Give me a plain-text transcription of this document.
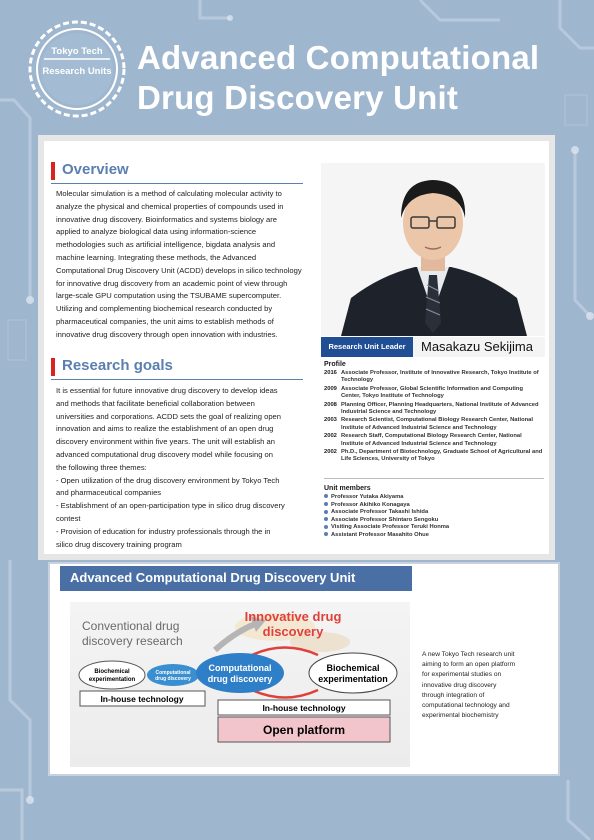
Tokyo Tech
Research Units Advanced Computational
Drug Discovery Unit
Overview
Molecular simulation is a method of calculating molecular activity to
analyze the physical and chemical properties of compounds used in
innovative drug discovery. Bioinformatics and systems biology are
applied to analyze biological data using information-science
methodologies such as artificial intelligence, bigdata analysis and
machine learning. Integrating these methods, the Advanced
Computational Drug Discovery Unit (ACDD) develops in silico technology
for innovative drug discovery from an academic point of view through
large-scale GPU computation using the TSUBAME supercomputer.
Utilizing and complementing biochemical research conducted by
pharmaceutical companies, the unit aims to establish methods of
innovative drug discovery through open innovation with industries.
Research goals
It is essential for future innovative drug discovery to develop ideas
and methods that facilitate beneficial collaboration between
universities and corporations. ACDD sets the goal of realizing open
innovation and aims to realize the establishment of an open drug
discovery environment within five years. The unit will establish an
advanced computational drug discovery model while focusing on
the following three themes:
- Open utilization of the drug discovery environment by Tokyo Tech
and pharmaceutical companies
- Establishment of an open-participation type in silico drug discovery
contest
- Provision of education for industry professionals through the in
silico drug discovery training program
Research Unit Leader	Masakazu Sekijima
Profile
2016 Associate Professor, Institute of Innovative Research, Tokyo Institute of Technology
2009 Associate Professor, Global Scientific Information and Computing Center, Tokyo Institute of Technology
2008 Planning Officer, Planning Headquarters, National Institute of Advanced Industrial Science and Technology
2003 Research Scientist, Computational Biology Research Center, National Institute of Advanced Industrial Science and Technology
2002 Research Staff, Computational Biology Research Center, National Institute of Advanced Industrial Science and Technology
2002 Ph.D., Department of Biotechnology, Graduate School of Agricultural and Life Sciences, University of Tokyo
Unit members
Professor Yutaka Akiyama
Professor Akihiko Konagaya
Associate Professor Takashi Ishida
Associate Professor Shintaro Sengoku
Visiting Associate Professor Teruki Honma
Assistant Professor Masahito Ohue
Advanced Computational Drug Discovery Unit
Conventional drug
discovery research
Biochemical
experimentation
Computational
drug discovery
In-house technology
Innovative drug
discovery
Computational
drug discovery
Biochemical
experimentation
In-house technology
Open platform
A new Tokyo Tech research unit
aiming to form an open platform
for experimental studies on
innovative drug discovery
through integration of
computational technology and
experimental biochemistry
